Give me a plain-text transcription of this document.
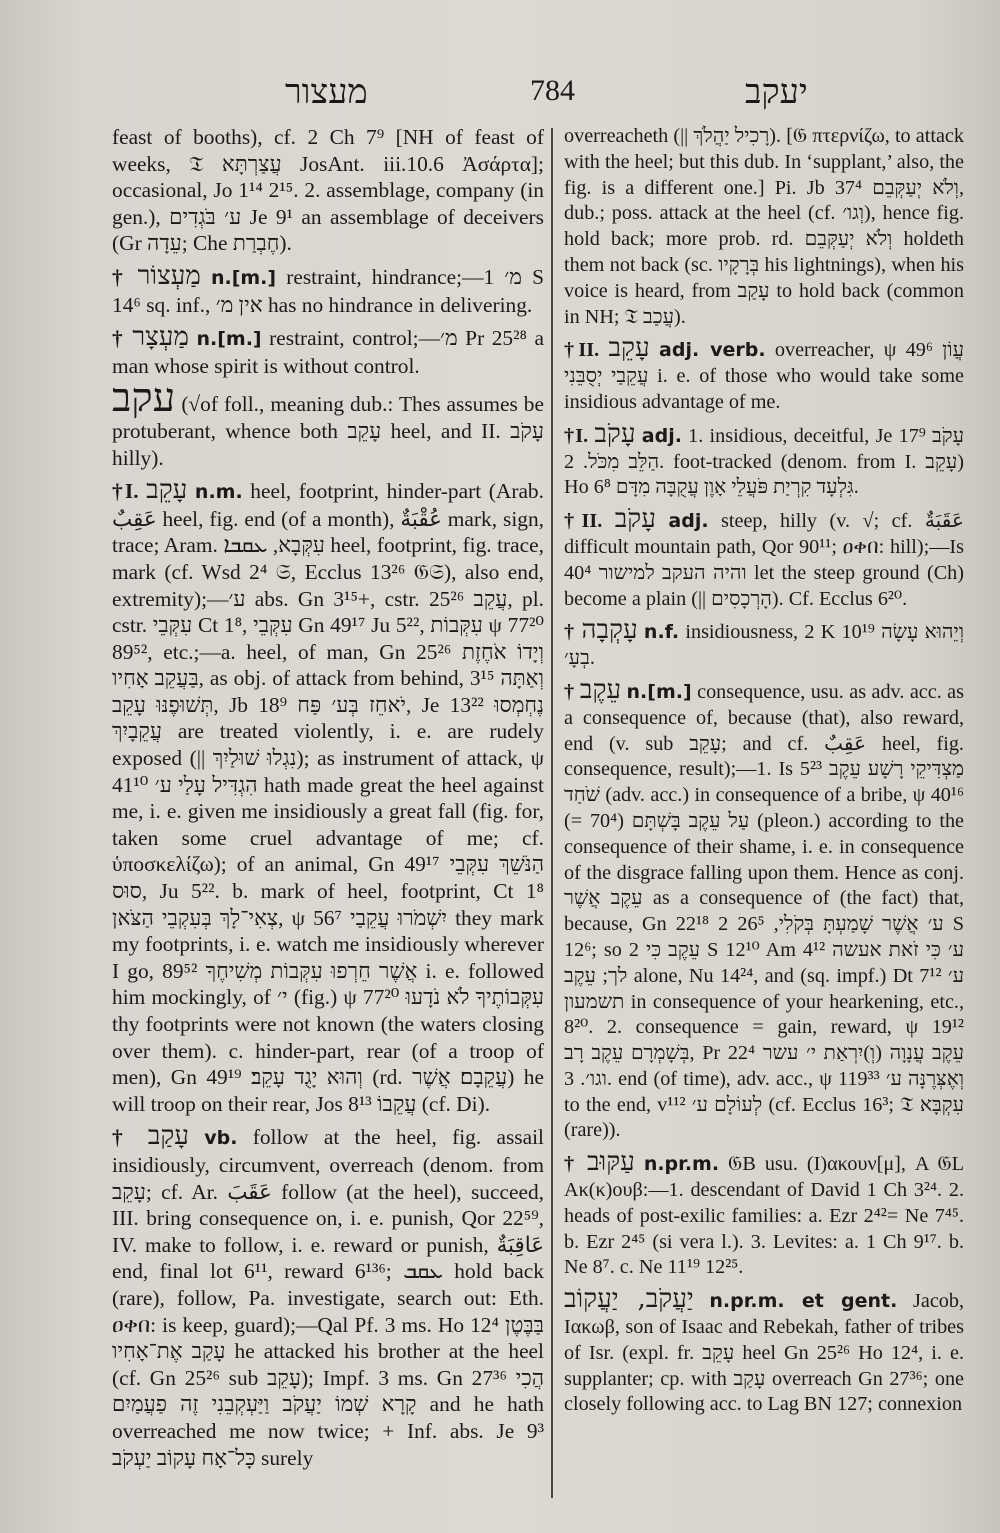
מעצור	784	יעקב

feast of booths), cf. 2 Ch 7⁹ [NH of feast of weeks, 𝔗 עֲצַרְתָּא JosAnt. iii.10.6 Ἀσάρτα]; occasional, Jo 1¹⁴ 2¹⁵. 2. assemblage, company (in gen.), ע׳ בֹּגְדִים Je 9¹ an assemblage of deceivers (Gr עֵדָה; Che חֶבְרַת).

† מַעְצוֹר n.[m.] restraint, hindrance;—מ׳ 1 S 14⁶ sq. inf., אין מ׳ has no hindrance in delivering.

† מַעְצָר n.[m.] restraint, control;—מ׳ Pr 25²⁸ a man whose spirit is without control.

עקב (√of foll., meaning dub.: Thes assumes be protuberant, whence both עָקֵב heel, and II. עָקֹב hilly).

†I. עָקֵב n.m. heel, footprint, hinder-part (Arab. عَقِبٌ heel, fig. end (of a month), عُقْبَةٌ mark, sign, trace; Aram. עִקְּבָא, ܥܩܒܐ heel, footprint, fig. trace, mark (cf. Wsd 2⁴ 𝔖, Ecclus 13²⁶ 𝔊𝔖), also end, extremity);—ע׳ abs. Gn 3¹⁵+, cstr. עֲקֵב 25²⁶, pl. cstr. עִקְּבֵי Ct 1⁸, עִקְּבֵי Gn 49¹⁷ Ju 5²², עִקְּבוֹת ψ 77²⁰ 89⁵², etc.;—a. heel, of man, Gn 25²⁶ וְיָדוֹ אֹחֶזֶת בַּעֲקֵב אָחִיו, as obj. of attack from behind, 3¹⁵ וְאַתָּה תְּשׁוּפֶנּוּ עָקֵב, Jb 18⁹ יֹאחֵז בְּע׳ פַּח, Je 13²² נֶחְמְסוּ עֲקֵבָיִךְ are treated violently, i. e. are rudely exposed (|| נִגְלוּ שׁוּלַיִךְ); as instrument of attack, ψ 41¹⁰ הִגְדִּיל עָלַי ע׳ hath made great the heel against me, i. e. given me insidiously a great fall (fig. for, taken some cruel advantage of me; cf. ὑποσκελίζω); of an animal, Gn 49¹⁷ הַנֹּשֵׁךְ עִקְּבֵי סוּס, Ju 5²². b. mark of heel, footprint, Ct 1⁸ צְאִי־לָךְ בְּעִקְבֵי הַצֹּאן, ψ 56⁷ יִשְׁמֹרוּ עֲקֵבַי they mark my footprints, i. e. watch me insidiously wherever I go, 89⁵² אֲשֶׁר חֵרְפוּ עִקְּבוֹת מְשִׁיחֶךָ i. e. followed him mockingly, of י׳ (fig.) ψ 77²⁰ עִקְּבוֹתֶיךָ לֹא נֹדָעוּ thy footprints were not known (the waters closing over them). c. hinder-part, rear (of a troop of men), Gn 49¹⁹ וְהוּא יָגֻד עָקֵב׃ (rd. עֲקֵבָם׃ אֲשֶׁר) he will troop on their rear, Jos 8¹³ עֲקֵבוֹ (cf. Di).

† עָקַב vb. follow at the heel, fig. assail insidiously, circumvent, overreach (denom. from עָקֵב; cf. Ar. عَقَبَ follow (at the heel), succeed, III. bring consequence on, i. e. punish, Qor 22⁵⁹, IV. make to follow, i. e. reward or punish, عَاقِبَةٌ end, final lot 6¹¹, reward 6¹³⁶; ܥܩܒ hold back (rare), follow, Pa. investigate, search out: Eth. ዐቀበ: is keep, guard);—Qal Pf. 3 ms. Ho 12⁴ בַּבֶּטֶן עָקַב אֶת־אָחִיו he attacked his brother at the heel (cf. Gn 25²⁶ sub עָקֵב); Impf. 3 ms. Gn 27³⁶ הֲכִי קָרָא שְׁמוֹ יַעֲקֹב וַיַּעְקְבֵנִי זֶה פַעֲמַיִם and he hath overreached me now twice; + Inf. abs. Je 9³ כָּל־אָח עָקוֹב יַעְקֹב surely

overreacheth (|| רָכִיל יַהֲלֹךְ). [𝔊 πτερνίζω, to attack with the heel; but this dub. In ‘supplant,’ also, the fig. is a different one.] Pi. Jb 37⁴ וְלֹא יְעַקְּבֵם, dub.; poss. attack at the heel (cf. וְגו׳), hence fig. hold back; more prob. rd. וְלֹא יְעַקְּבֵם holdeth them not back (sc. בְּרָקָיו his lightnings), when his voice is heard, from עָקַב to hold back (common in NH; 𝔗 עֲכַב).

†II. עָקֵב adj. verb. overreacher, ψ 49⁶ עֲוֹן עֲקֵבַי יְסֻבֵּנִי i. e. of those who would take some insidious advantage of me.

†I. עָקֹב adj. 1. insidious, deceitful, Je 17⁹ עָקֹב הַלֵּב מִכֹּל. 2. foot-tracked (denom. from I. עָקֵב) Ho 6⁸ גִּלְעָד קִרְיַת פֹּעֲלֵי אָוֶן עֲקֻבָּה מִדָּם.

†II. עָקֹב adj. steep, hilly (v. √; cf. عَقَبَةٌ difficult mountain path, Qor 90¹¹; ዐቀበ: hill);—Is 40⁴ והיה העקב למישור let the steep ground (Ch) become a plain (|| הָרְכָסִים). Cf. Ecclus 6²⁰.

† עָקְבָה n.f. insidiousness, 2 K 10¹⁹ וְיֵהוּא עָשָׂה בְעָ׳.

† עֵקֶב n.[m.] consequence, usu. as adv. acc. as a consequence of, because (that), also reward, end (v. sub עָקֵב; and cf. عَقِبٌ heel, fig. consequence, result);—1. Is 5²³ מַצְדִּיקֵי רָשָׁע עֵקֶב שֹׁחַד (adv. acc.) in consequence of a bribe, ψ 40¹⁶ (= 70⁴) עַל עֵקֶב בָּשְׁתָּם (pleon.) according to the consequence of their shame, i. e. in consequence of the disgrace falling upon them. Hence as conj. עֵקֶב אֲשֶׁר as a consequence of (the fact) that, because, Gn 22¹⁸ ע׳ אֲשֶׁר שָׁמַעְתָּ בְּקֹלִי, 26⁵ 2 S 12⁶; so עֵקֶב כִּי 2 S 12¹⁰ Am 4¹² ע׳ כִּי זֹאת אעשה לך; עֵקֶב alone, Nu 14²⁴, and (sq. impf.) Dt 7¹² ע׳ תשמעון in consequence of your hearkening, etc., 8²⁰. 2. consequence = gain, reward, ψ 19¹² בְּשָׁמְרָם עֵקֶב רָב, Pr 22⁴ עֵקֶב עֲנָוָה (וְ)יִרְאַת י׳ עשר וגו׳. 3. end (of time), adv. acc., ψ 119³³ וְאֶצְּרֶנָּה ע׳ to the end, v¹¹² לְעוֹלָם ע׳ (cf. Ecclus 16³; 𝔗 עִקְבָּא (rare)).

† עַקּוּב n.pr.m. 𝔊B usu. (Ι)ακουν[μ], A 𝔊L Ακ(κ)ουβ:—1. descendant of David 1 Ch 3²⁴. 2. heads of post-exilic families: a. Ezr 2⁴²= Ne 7⁴⁵. b. Ezr 2⁴⁵ (si vera l.). 3. Levites: a. 1 Ch 9¹⁷. b. Ne 8⁷. c. Ne 11¹⁹ 12²⁵.

יַעֲקֹב, יַעֲקוֹב n.pr.m. et gent. Jacob, Ιακωβ, son of Isaac and Rebekah, father of tribes of Isr. (expl. fr. עָקֵב heel Gn 25²⁶ Ho 12⁴, i. e. supplanter; cp. with עָקַב overreach Gn 27³⁶; one closely following acc. to Lag BN 127; connexion
